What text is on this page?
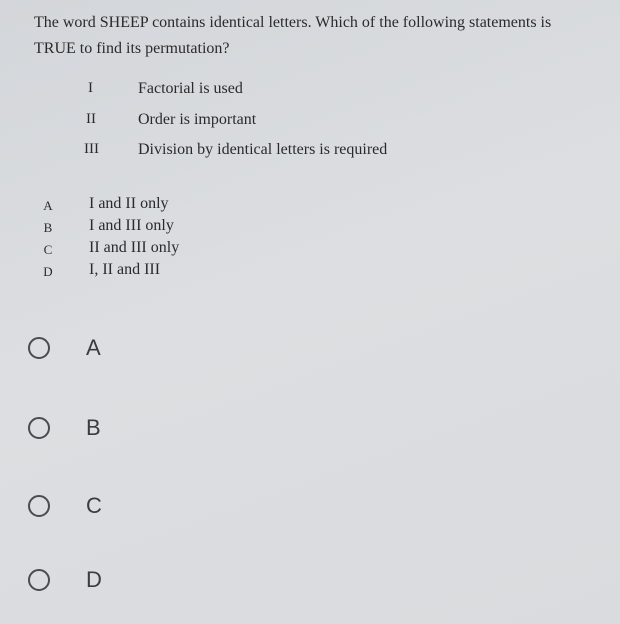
The word SHEEP contains identical letters. Which of the following statements is
TRUE to find its permutation?
I	Factorial is used
II	Order is important
III Division by identical letters is required
A	I and II only
B	I and III only
C	II and III only
D	I, II and III
A
B
C
D
